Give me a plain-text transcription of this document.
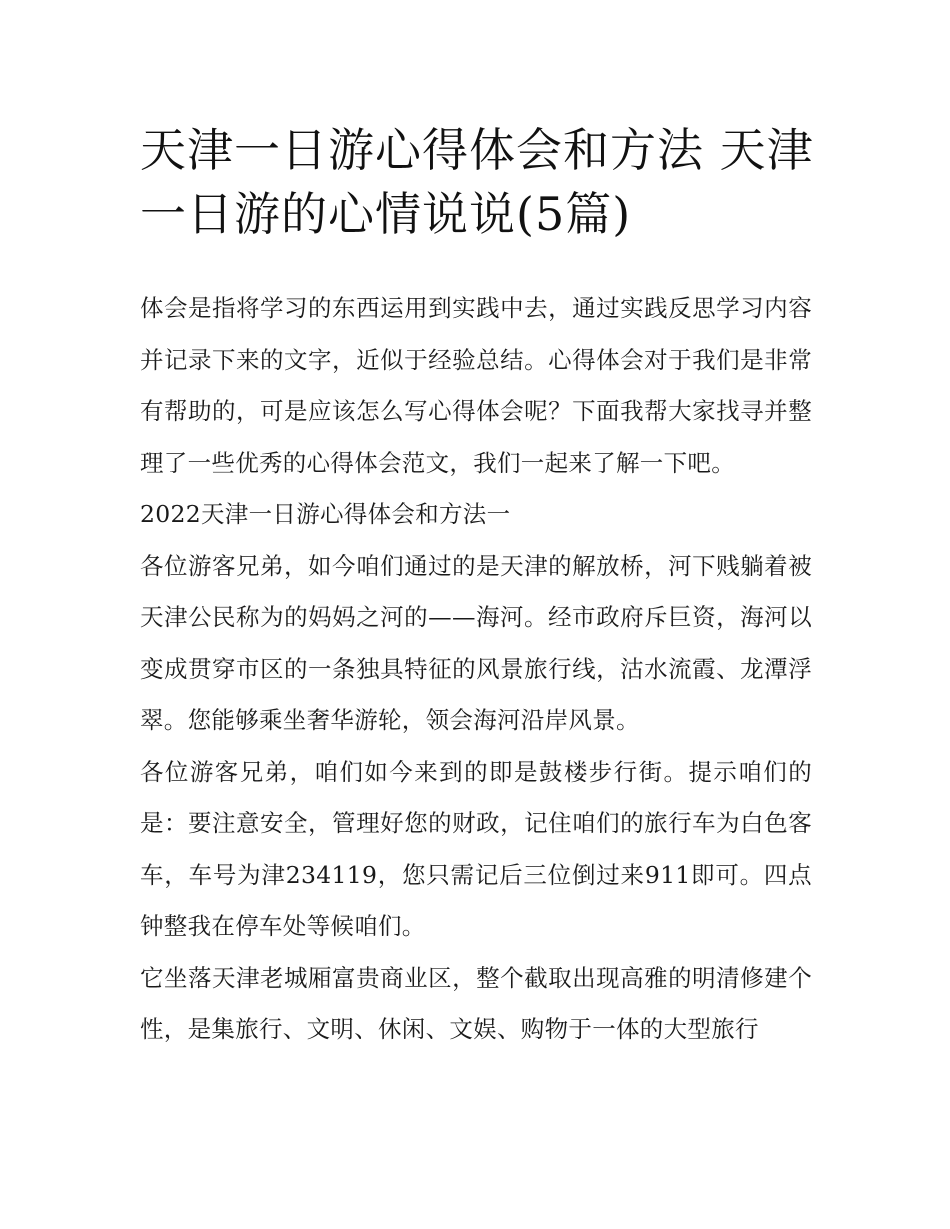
天津一日游心得体会和方法 天津一日游的心情说说(5篇)

体会是指将学习的东西运用到实践中去，通过实践反思学习内容并记录下来的文字，近似于经验总结。心得体会对于我们是非常有帮助的，可是应该怎么写心得体会呢？下面我帮大家找寻并整理了一些优秀的心得体会范文，我们一起来了解一下吧。

2022天津一日游心得体会和方法一

各位游客兄弟，如今咱们通过的是天津的解放桥，河下贱躺着被天津公民称为的妈妈之河的——海河。经市政府斥巨资，海河以变成贯穿市区的一条独具特征的风景旅行线，沽水流霞、龙潭浮翠。您能够乘坐奢华游轮，领会海河沿岸风景。

各位游客兄弟，咱们如今来到的即是鼓楼步行街。提示咱们的是：要注意安全，管理好您的财政，记住咱们的旅行车为白色客车，车号为津234119，您只需记后三位倒过来911即可。四点钟整我在停车处等候咱们。

它坐落天津老城厢富贵商业区，整个截取出现高雅的明清修建个性，是集旅行、文明、休闲、文娱、购物于一体的大型旅行
